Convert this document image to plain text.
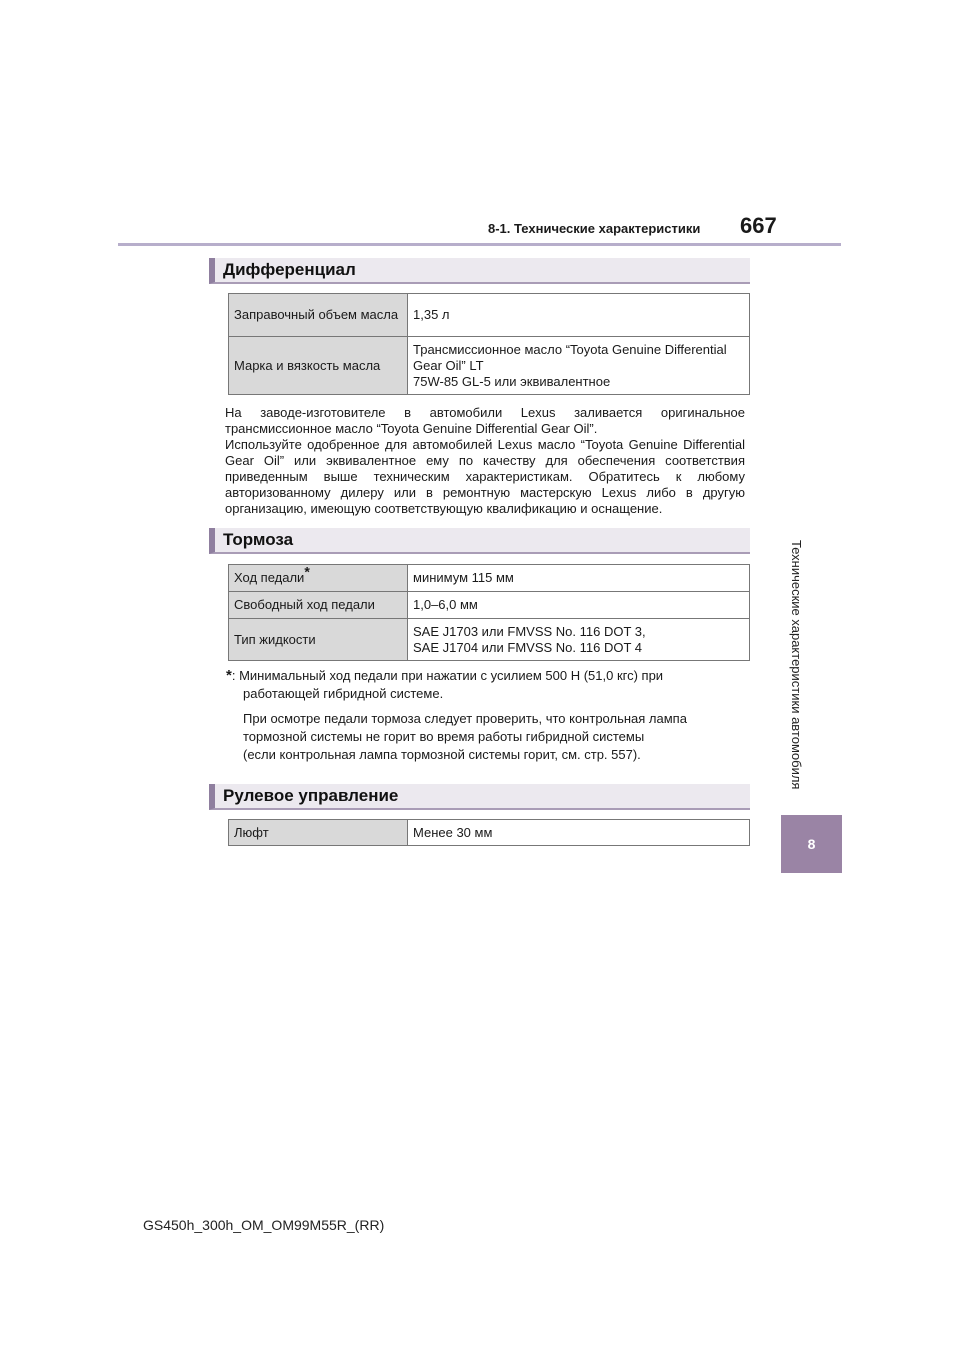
8-1. Технические характеристики 667
Технические характеристики автомобиля
8
Дифференциал
Заправочный объем масла	1,35 л
Марка и вязкость масла	Трансмиссионное масло “Toyota Genuine Differential Gear Oil” LT
75W-85 GL-5 или эквивалентное

На заводе-изготовителе в автомобили Lexus заливается оригинальное трансмиссионное масло “Toyota Genuine Differential Gear Oil”.

Используйте одобренное для автомобилей Lexus масло “Toyota Genuine Differential Gear Oil” или эквивалентное ему по качеству для обеспечения соответствия приведенным выше техническим характеристикам. Обратитесь к любому авторизованному дилеру или в ремонтную мастерскую Lexus либо в другую организацию, имеющую соответствующую квалификацию и оснащение.

Тормоза
Ход педали*	минимум 115 мм
Свободный ход педали	1,0–6,0 мм
Тип жидкости	SAE J1703 или FMVSS No. 116 DOT 3,
SAE J1704 или FMVSS No. 116 DOT 4
*: Минимальный ход педали при нажатии с усилием 500 Н (51,0 кгс) при
работающей гибридной системе.
При осмотре педали тормоза следует проверить, что контрольная лампа
тормозной системы не горит во время работы гибридной системы
(если контрольная лампа тормозной системы горит, см. стр. 557).
Рулевое управление
Люфт	Менее 30 мм
GS450h_300h_OM_OM99M55R_(RR)
